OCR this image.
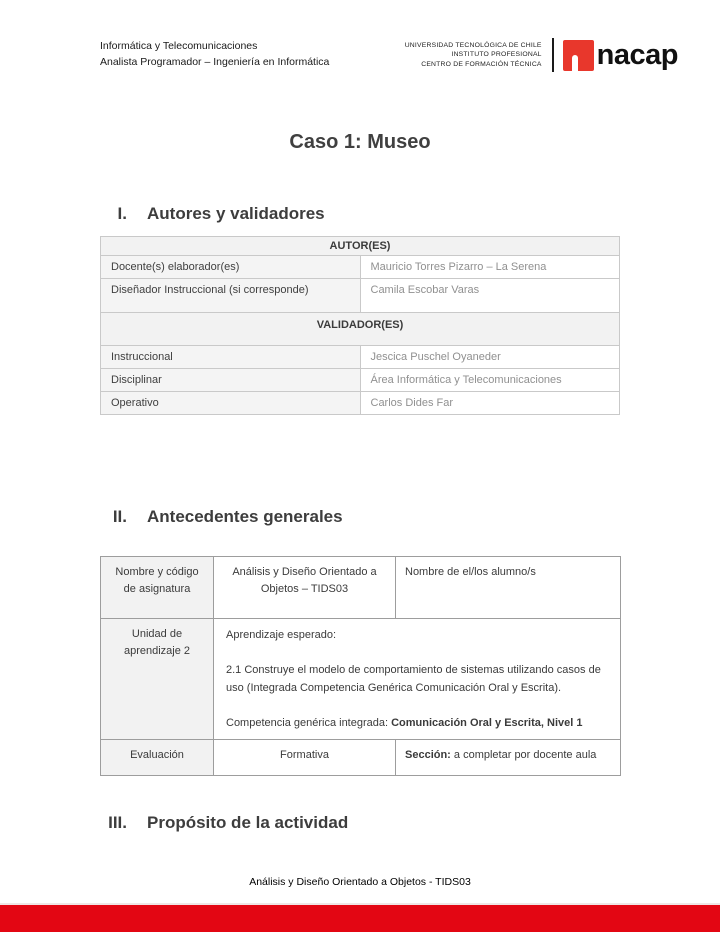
Informática y Telecomunicaciones
Analista Programador – Ingeniería en Informática
UNIVERSIDAD TECNOLÓGICA DE CHILE
INSTITUTO PROFESIONAL
CENTRO DE FORMACIÓN TÉCNICA nacap
Caso 1: Museo
I. Autores y validadores
AUTOR(ES)	
Docente(s) elaborador(es)	Mauricio Torres Pizarro – La Serena
Diseñador Instruccional (si corresponde)	Camila Escobar Varas
VALIDADOR(ES)	
Instruccional	Jescica Puschel Oyaneder
Disciplinar	Área Informática y Telecomunicaciones
Operativo	Carlos Dides Far
II. Antecedentes generales
Nombre y código de asignatura	Análisis y Diseño Orientado a Objetos – TIDS03	Nombre de el/los alumno/s
Unidad de aprendizaje 2	Aprendizaje esperado:

2.1 Construye el modelo de comportamiento de sistemas utilizando casos de uso (Integrada Competencia Genérica Comunicación Oral y Escrita).

Competencia genérica integrada: Comunicación Oral y Escrita, Nivel 1	

Evaluación	Formativa	Sección: a completar por docente aula
III. Propósito de la actividad
Análisis y Diseño Orientado a Objetos - TIDS03
